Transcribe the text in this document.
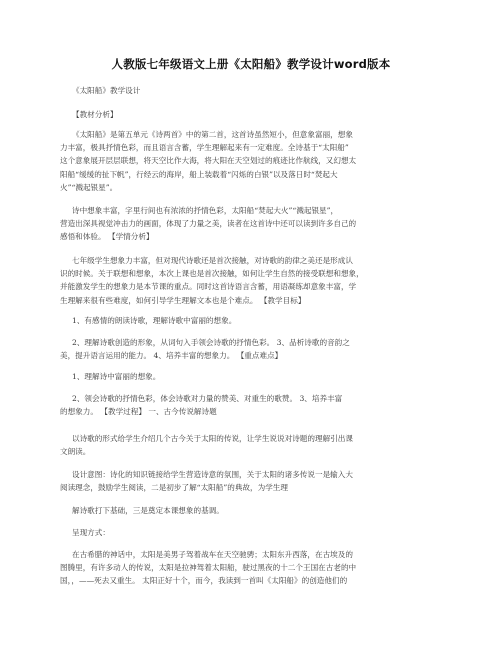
人教版七年级语文上册《太阳船》教学设计word版本

《太阳船》教学设计

【教材分析】

《太阳船》是第五单元《诗两首》中的第二首，这首诗虽然短小，但意象富丽，想象
力丰富，极具抒情色彩，而且语言含蓄，学生理解起来有一定难度。全诗基于“太阳船”
这个意象展开层层联想，将天空比作大海，将大阳在天空划过的痕迹比作航线，又幻想太
阳船“缓缓的扯下帆”，行经云的海岸，船上装载着“闪烁的白银”以及落日时“焚起大
火”“溅起银星”。

诗中想象丰富，字里行间也有浓浓的抒情色彩，太阳船“焚起大火”“溅起银星”，
营造出深具视觉冲击力的画面，体现了力量之美，读者在这首诗中还可以读到许多自己的
感悟和体验。 【学情分析】

七年级学生想象力丰富，但对现代诗歌还是首次接触，对诗歌的韵律之美还是形成认
识的时候。关于联想和想象，本次上课也是首次接触，如何让学生自然的接受联想和想象，
并能激发学生的想象力是本节课的重点。同时这首诗语言含蓄，用语凝练却意象丰富，学
生理解来很有些难度，如何引导学生理解文本也是个难点。 【教学目标】

1、有感情的朗读诗歌，理解诗歌中富丽的想象。

2、理解诗歌创造的形象，从词句入手领会诗歌的抒情色彩。 3、品析诗歌的音韵之
美，提升语言运用的能力。 4、培养丰富的想象力。 【重点难点】

1、理解诗中富丽的想象。

2、领会诗歌的抒情色彩，体会诗歌对力量的赞美、对重生的歌赞。 3、培养丰富
的想象力。 【教学过程】 一、古今传说解诗题

以诗歌的形式给学生介绍几个古今关于太阳的传说，让学生说说对诗题的理解引出课
文朗读。

设计意图：诗化的知识链接给学生营造诗意的氛围，关于太阳的诸多传说一是输入大
阅读理念，鼓励学生阅读，二是初步了解“太阳船”的典故，为学生理

解诗歌打下基础，三是奠定本课想象的基调。

呈现方式：

在古希腊的神话中，太阳是美男子驾着战车在天空驰骋；太阳东升西落，在古埃及的
图腾里，有许多动人的传说，太阳是拉神驾着太阳船，驶过黑夜的十二个王国在古老的中
国，，——死去又重生。 太阳正好十个，而今，我读到一首叫《太阳船》的创造他们的
